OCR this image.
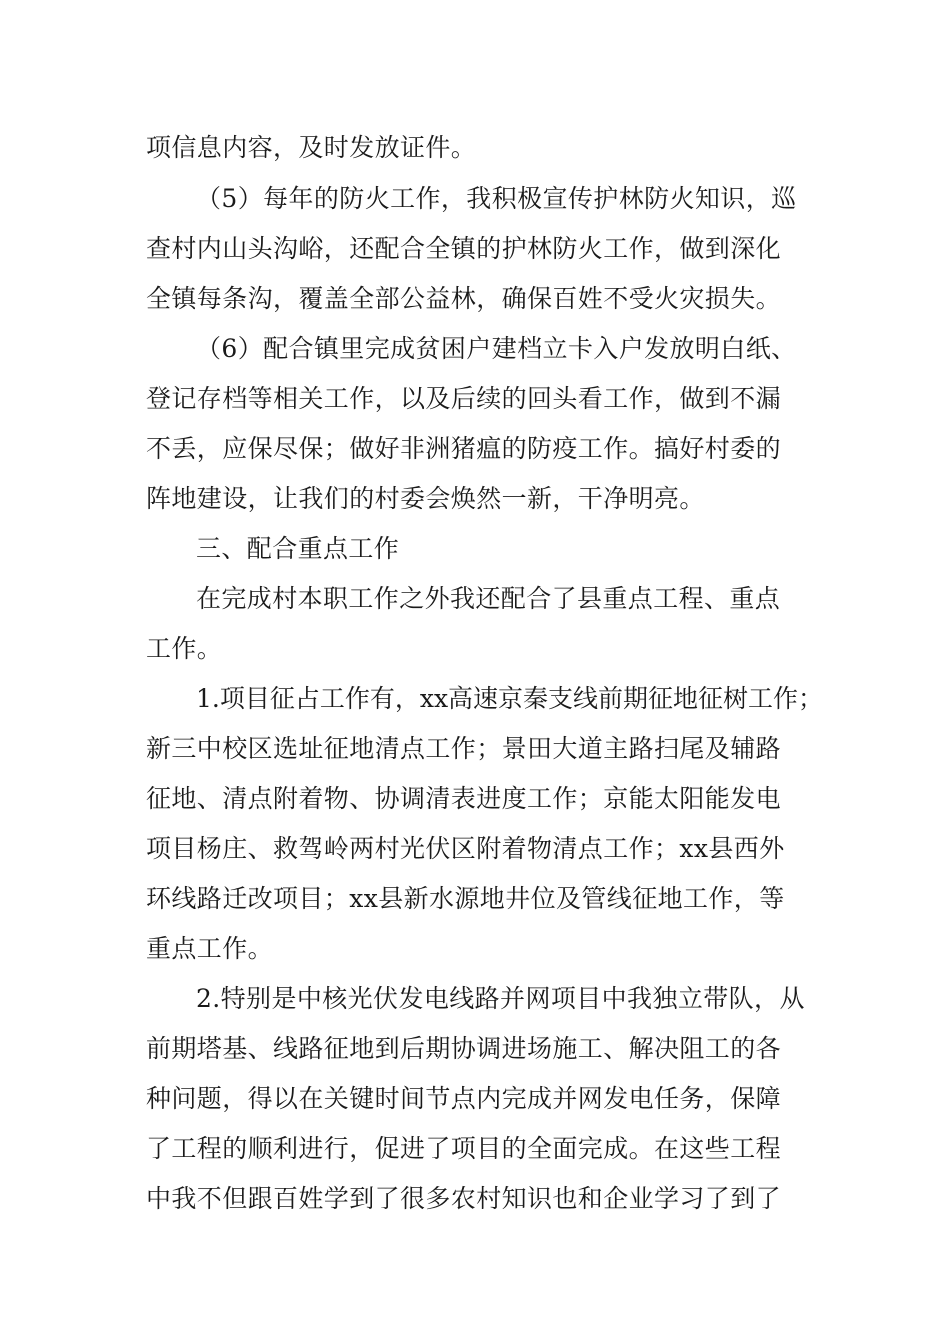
项信息内容，及时发放证件。
（5）每年的防火工作，我积极宣传护林防火知识，巡
查村内山头沟峪，还配合全镇的护林防火工作，做到深化
全镇每条沟，覆盖全部公益林，确保百姓不受火灾损失。
（6）配合镇里完成贫困户建档立卡入户发放明白纸、
登记存档等相关工作，以及后续的回头看工作，做到不漏
不丢，应保尽保；做好非洲猪瘟的防疫工作。搞好村委的
阵地建设，让我们的村委会焕然一新，干净明亮。
三、配合重点工作
在完成村本职工作之外我还配合了县重点工程、重点
工作。
1.项目征占工作有，xx高速京秦支线前期征地征树工作；
新三中校区选址征地清点工作；景田大道主路扫尾及辅路
征地、清点附着物、协调清表进度工作；京能太阳能发电
项目杨庄、救驾岭两村光伏区附着物清点工作；xx县西外
环线路迁改项目；xx县新水源地井位及管线征地工作，等
重点工作。
2.特别是中核光伏发电线路并网项目中我独立带队，从
前期塔基、线路征地到后期协调进场施工、解决阻工的各
种问题，得以在关键时间节点内完成并网发电任务，保障
了工程的顺利进行，促进了项目的全面完成。在这些工程
中我不但跟百姓学到了很多农村知识也和企业学习了到了
